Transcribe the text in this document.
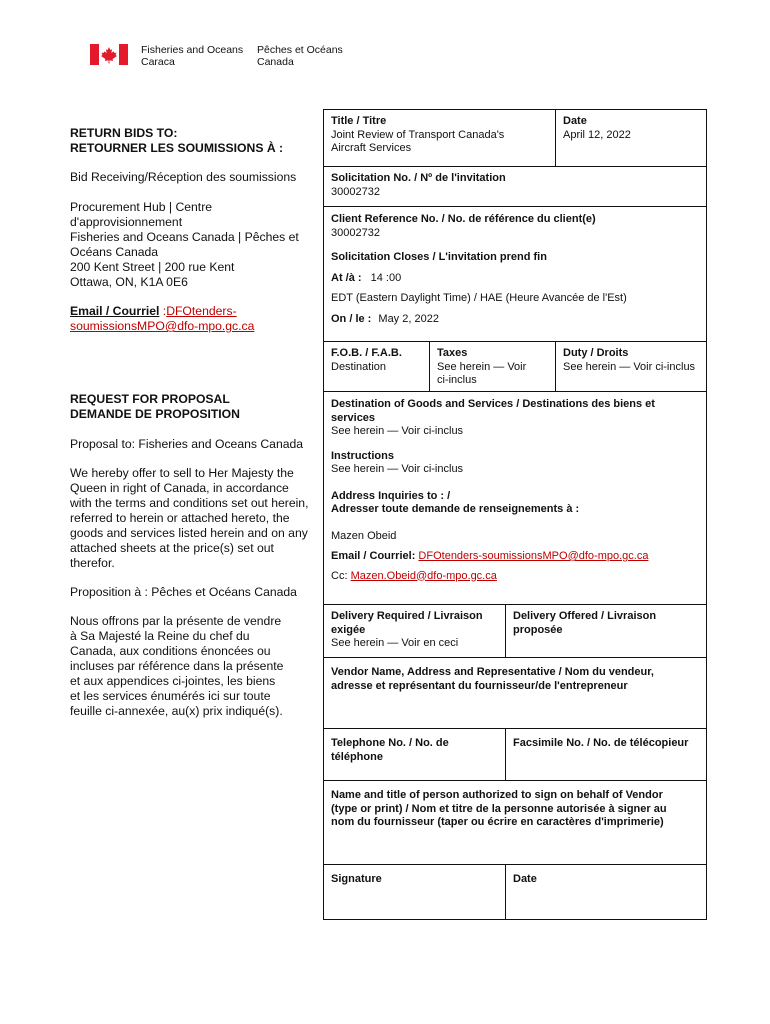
Fisheries and Oceans
Caraca
Pêches et Océans
Canada
RETURN BIDS TO:
RETOURNER LES SOUMISSIONS À :
Bid Receiving/Réception des soumissions
Procurement Hub | Centre
d'approvisionnement
Fisheries and Oceans Canada | Pêches et
Océans Canada
200 Kent Street | 200 rue Kent
Ottawa, ON, K1A 0E6
Email / Courriel :DFOtenders-
soumissionsMPO@dfo-mpo.gc.ca
REQUEST FOR PROPOSAL
DEMANDE DE PROPOSITION
Proposal to: Fisheries and Oceans Canada
We hereby offer to sell to Her Majesty the
Queen in right of Canada, in accordance
with the terms and conditions set out herein,
referred to herein or attached hereto, the
goods and services listed herein and on any
attached sheets at the price(s) set out
therefor.
Proposition à : Pêches et Océans Canada
Nous offrons par la présente de vendre
à Sa Majesté la Reine du chef du
Canada, aux conditions énoncées ou
incluses par référence dans la présente
et aux appendices ci-jointes, les biens
et les services énumérés ici sur toute
feuille ci-annexée, au(x) prix indiqué(s).
Title / Titre
Joint Review of Transport Canada's
Aircraft Services
Date
April 12, 2022
Solicitation No. / Nº de l'invitation
30002732
Client Reference No. / No. de référence du client(e)
30002732
Solicitation Closes / L'invitation prend fin
At /à : 14 :00
EDT (Eastern Daylight Time) / HAE (Heure Avancée de l'Est)
On / le : May 2, 2022
F.O.B. / F.A.B.
Destination
Taxes
See herein — Voir
ci-inclus
Duty / Droits
See herein — Voir ci-inclus
Destination of Goods and Services / Destinations des biens et
services
See herein — Voir ci-inclus
Instructions
See herein — Voir ci-inclus
Address Inquiries to : /
Adresser toute demande de renseignements à :
Mazen Obeid
Email / Courriel: DFOtenders-soumissionsMPO@dfo-mpo.gc.ca
Cc: Mazen.Obeid@dfo-mpo.gc.ca
Delivery Required / Livraison
exigée
See herein — Voir en ceci
Delivery Offered / Livraison
proposée
Vendor Name, Address and Representative / Nom du vendeur,
adresse et représentant du fournisseur/de l'entrepreneur
Telephone No. / No. de
téléphone
Facsimile No. / No. de télécopieur
Name and title of person authorized to sign on behalf of Vendor
(type or print) / Nom et titre de la personne autorisée à signer au
nom du fournisseur (taper ou écrire en caractères d'imprimerie)
Signature	Date
